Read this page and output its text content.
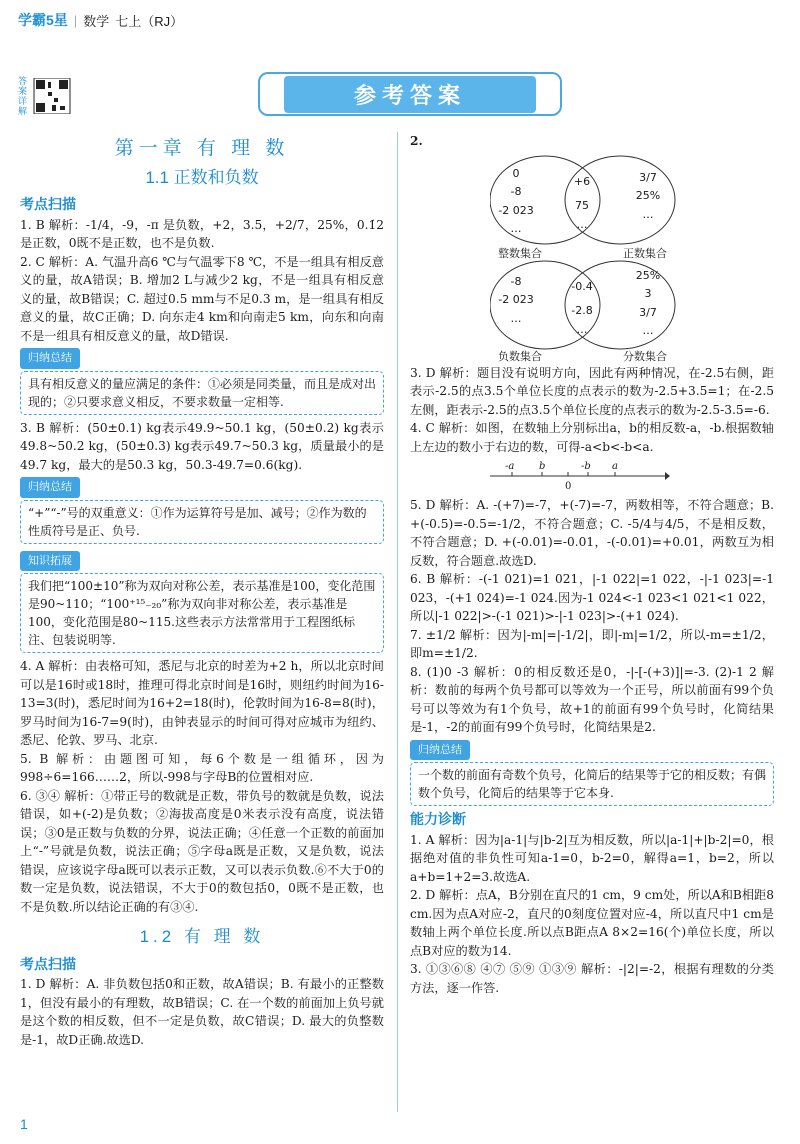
学霸5星 | 数学 七上（RJ）
答案详解
参考答案
第一章 有 理 数
1.1 正数和负数
考点扫描

1. B 解析：-1/4，-9，-π 是负数，+2，3.5，+2/7，25%，0.1̇2 是正数，0既不是正数，也不是负数.

2. C 解析：A. 气温升高6 ℃与气温零下8 ℃，不是一组具有相反意义的量，故A错误；B. 增加2 L与减少2 kg，不是一组具有相反意义的量，故B错误；C. 超过0.5 mm与不足0.3 m，是一组具有相反意义的量，故C正确；D. 向东走4 km和向南走5 km，向东和向南不是一组具有相反意义的量，故D错误.

归纳总结
具有相反意义的量应满足的条件：①必须是同类量，而且是成对出现的；②只要求意义相反，不要求数量一定相等.

3. B 解析：(50±0.1) kg表示49.9~50.1 kg，(50±0.2) kg表示49.8~50.2 kg，(50±0.3) kg表示49.7~50.3 kg，质量最小的是49.7 kg，最大的是50.3 kg，50.3-49.7=0.6(kg).

归纳总结
“+”“-”号的双重意义：①作为运算符号是加、减号；②作为数的性质符号是正、负号.
知识拓展
我们把“100±10”称为双向对称公差，表示基准是100，变化范围是90~110；“100⁺¹⁵₋₂₀”称为双向非对称公差，表示基准是100，变化范围是80~115.这些表示方法常常用于工程图纸标注、包装说明等.

4. A 解析：由表格可知，悉尼与北京的时差为+2 h，所以北京时间可以是16时或18时，推理可得北京时间是16时，则纽约时间为16-13=3(时)，悉尼时间为16+2=18(时)，伦敦时间为16-8=8(时)，罗马时间为16-7=9(时)，由钟表显示的时间可得对应城市为纽约、悉尼、伦敦、罗马、北京.

5. B 解析：由题图可知，每6个数是一组循环，因为998÷6=166……2，所以-998与字母B的位置相对应.

6. ③④ 解析：①带正号的数就是正数，带负号的数就是负数，说法错误，如+(-2)是负数；②海拔高度是0米表示没有高度，说法错误；③0是正数与负数的分界，说法正确；④任意一个正数的前面加上“-”号就是负数，说法正确；⑤字母a既是正数，又是负数，说法错误，应该说字母a既可以表示正数，又可以表示负数.⑥不大于0的数一定是负数，说法错误，不大于0的数包括0，0既不是正数，也不是负数.所以结论正确的有③④.

1.2 有 理 数
考点扫描

1. D 解析：A. 非负数包括0和正数，故A错误；B. 有最小的正整数1，但没有最小的有理数，故B错误；C. 在一个数的前面加上负号就是这个数的相反数，但不一定是负数，故C错误；D. 最大的负整数是-1，故D正确.故选D.

2.

0
-8
-2 023
…
+6
75
…
3/7
25%
…
整数集合	正数集合
-8
-2 023
…
-0.4
-2.8
…
25%
3
3/7
…
负数集合	分数集合

3. D 解析：题目没有说明方向，因此有两种情况，在-2.5右侧，距表示-2.5的点3.5个单位长度的点表示的数为-2.5+3.5=1；在-2.5左侧，距表示-2.5的点3.5个单位长度的点表示的数为-2.5-3.5=-6.

4. C 解析：如图，在数轴上分别标出a，b的相反数-a，-b.根据数轴上左边的数小于右边的数，可得-a<b<-b<a.

-a b	-b a
0

5. D 解析：A. -(+7)=-7，+(-7)=-7，两数相等，不符合题意；B. +(-0.5)=-0.5=-1/2，不符合题意；C. -5/4与4/5，不是相反数，不符合题意；D. +(-0.01)=-0.01，-(-0.01)=+0.01，两数互为相反数，符合题意.故选D.

6. B 解析：-(-1 021)=1 021，|-1 022|=1 022，-|-1 023|=-1 023，-(+1 024)=-1 024.因为-1 024<-1 023<1 021<1 022，所以|-1 022|>-(-1 021)>-|-1 023|>-(+1 024).

7. ±1/2 解析：因为|-m|=|-1/2|，即|-m|=1/2，所以-m=±1/2，即m=±1/2.

8. (1)0 -3 解析：0的相反数还是0，-|-[-(+3)]|=-3. (2)-1 2 解析：数前的每两个负号都可以等效为一个正号，所以前面有99个负号可以等效为有1个负号，故+1的前面有99个负号时，化简结果是-1，-2的前面有99个负号时，化简结果是2.

归纳总结
一个数的前面有奇数个负号，化简后的结果等于它的相反数；有偶数个负号，化简后的结果等于它本身.
能力诊断

1. A 解析：因为|a-1|与|b-2|互为相反数，所以|a-1|+|b-2|=0，根据绝对值的非负性可知a-1=0，b-2=0，解得a=1，b=2，所以a+b=1+2=3.故选A.

2. D 解析：点A，B分别在直尺的1 cm，9 cm处，所以A和B相距8 cm.因为点A对应-2，直尺的0刻度位置对应-4，所以直尺中1 cm是数轴上两个单位长度.所以点B距点A 8×2=16(个)单位长度，所以点B对应的数为14.

3. ①③⑥⑧ ④⑦ ⑤⑨ ①③⑨ 解析：-|2|=-2，根据有理数的分类方法，逐一作答.

1
